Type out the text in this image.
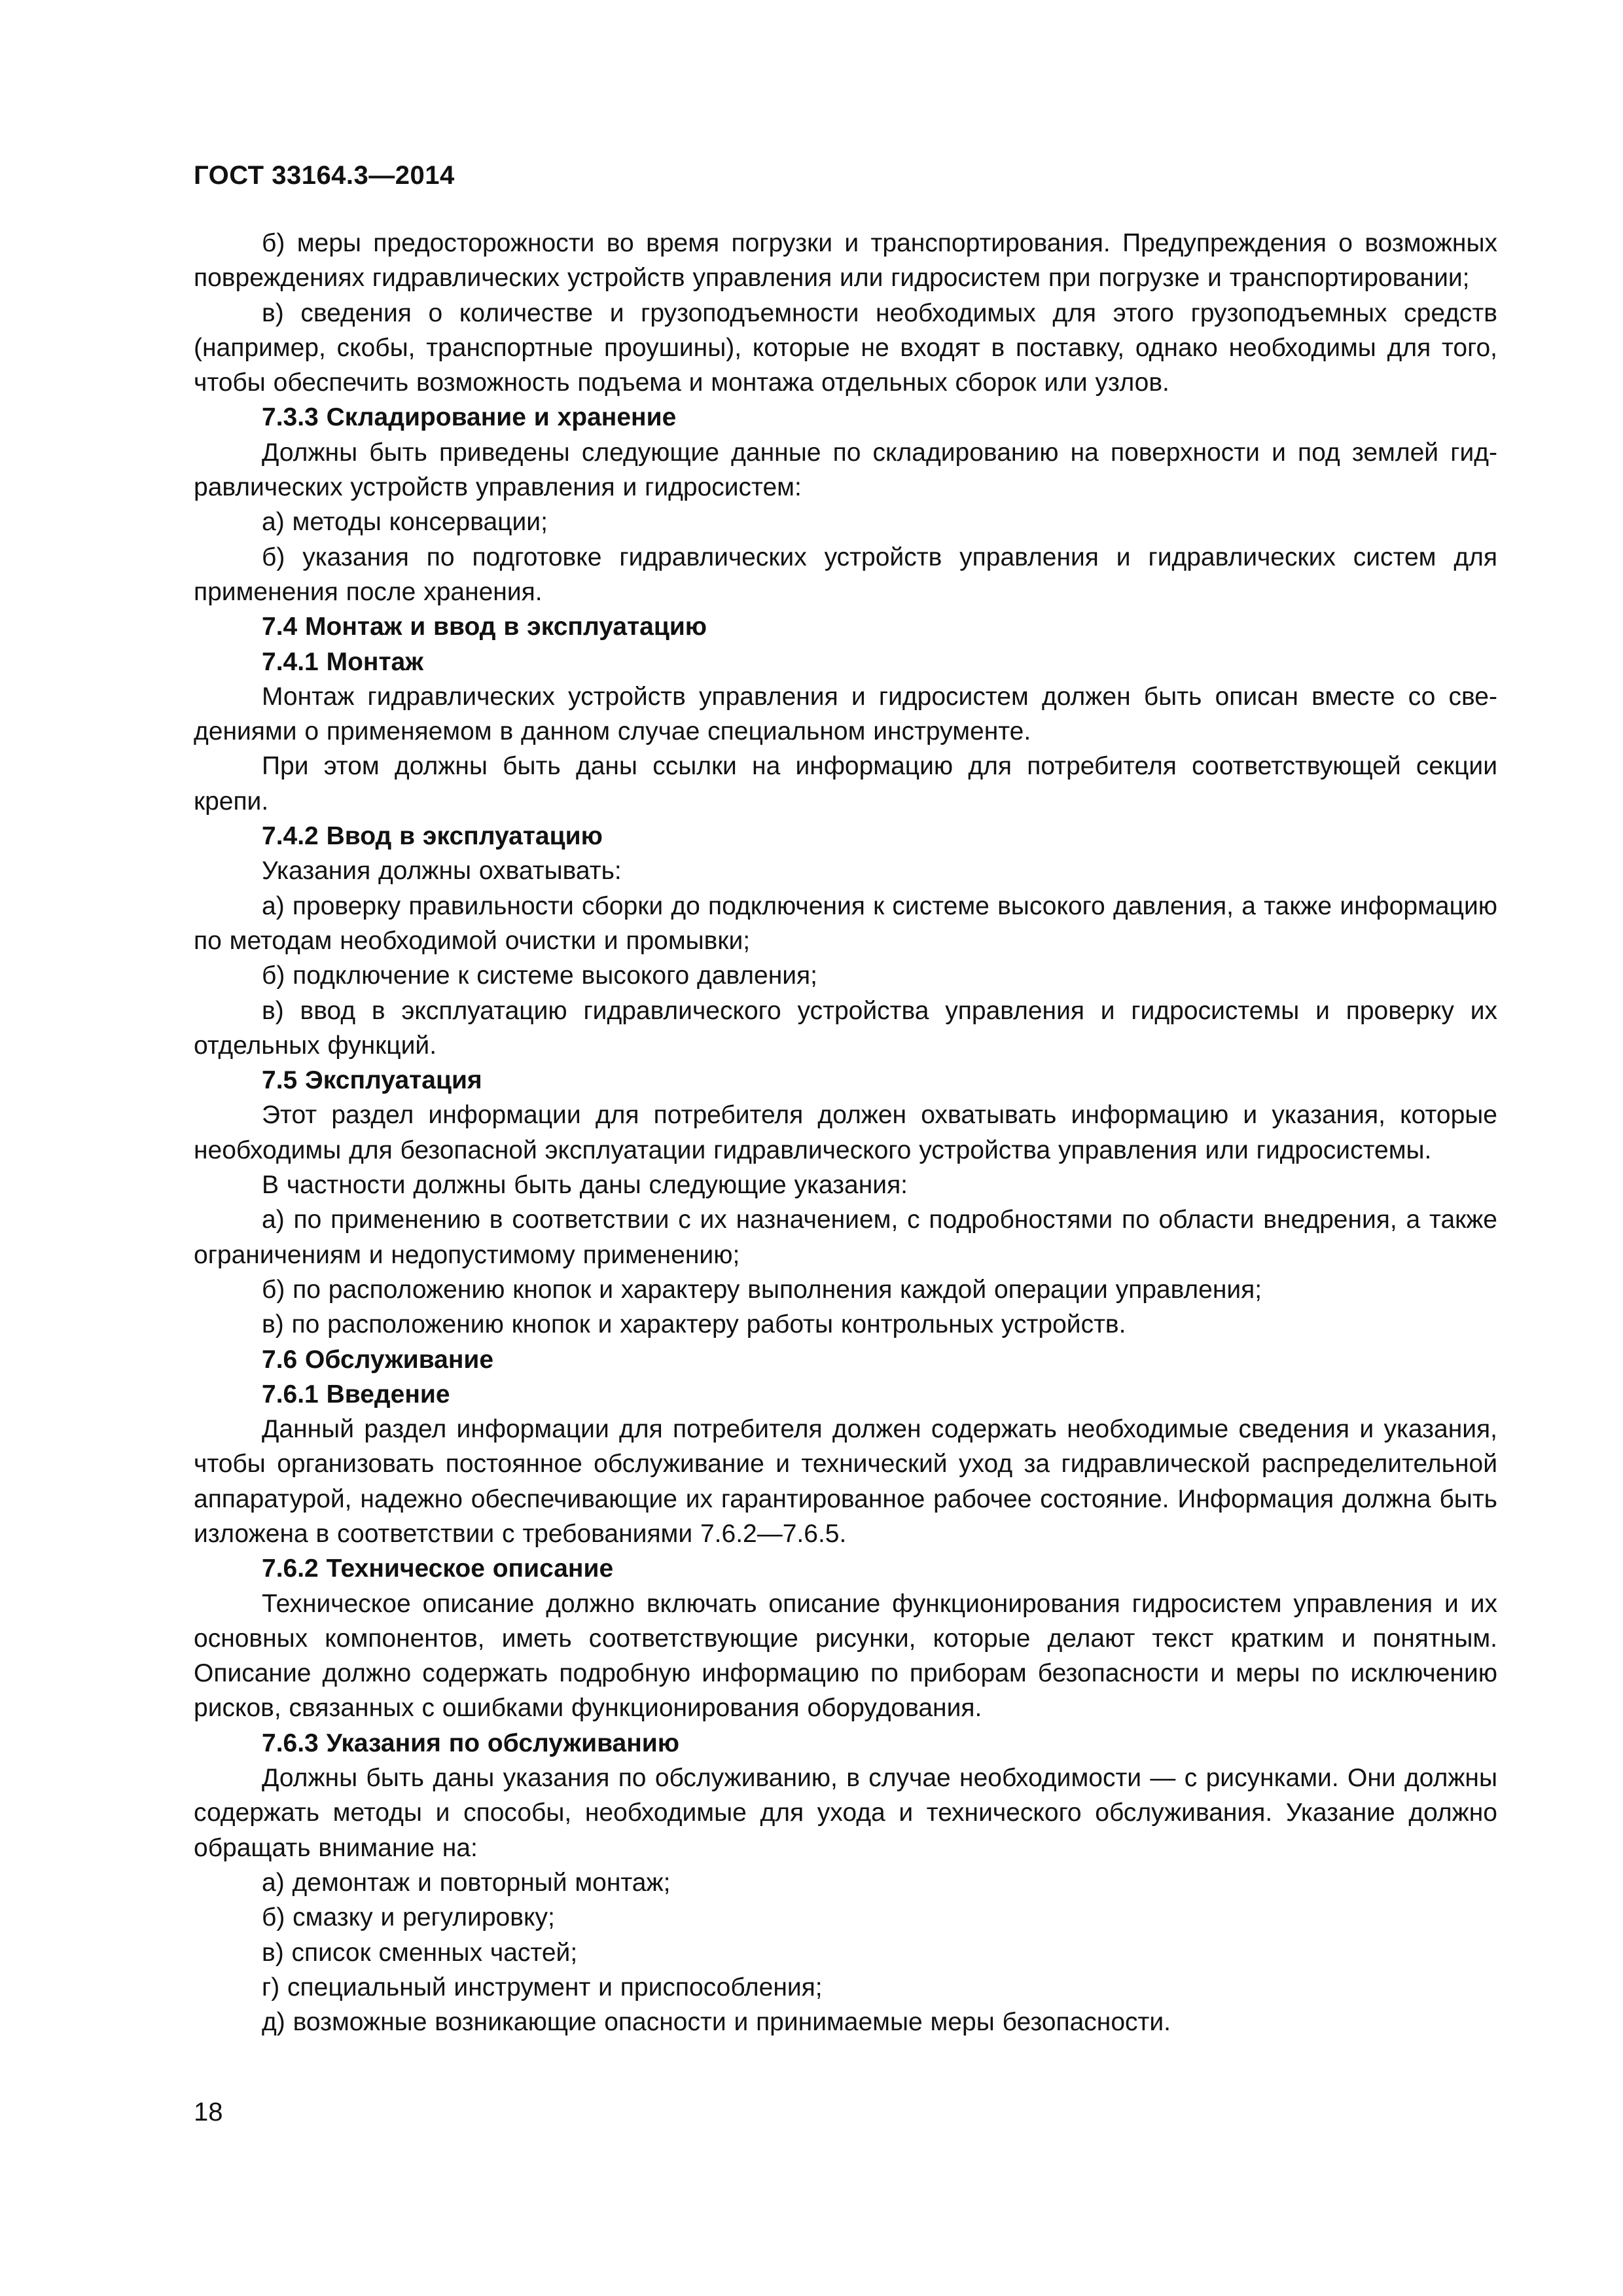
ГОСТ 33164.3—2014

б) меры предосторожности во время погрузки и транспортирования. Предупреждения о возможных повреждениях гидравлических устройств управления или гидросистем при погрузке и транспортировании;

в) сведения о количестве и грузоподъемности необходимых для этого грузоподъемных средств (например, скобы, транспортные проушины), которые не входят в поставку, однако необходимы для того, чтобы обеспечить возможность подъема и монтажа отдельных сборок или узлов.

7.3.3 Складирование и хранение

Должны быть приведены следующие данные по складированию на поверхности и под землей гидравлических устройств управления и гидросистем:

а) методы консервации;

б) указания по подготовке гидравлических устройств управления и гидравлических систем для применения после хранения.

7.4 Монтаж и ввод в эксплуатацию
7.4.1 Монтаж

Монтаж гидравлических устройств управления и гидросистем должен быть описан вместе со сведениями о применяемом в данном случае специальном инструменте.

При этом должны быть даны ссылки на информацию для потребителя соответствующей секции крепи.

7.4.2 Ввод в эксплуатацию

Указания должны охватывать:

а) проверку правильности сборки до подключения к системе высокого давления, а также информацию по методам необходимой очистки и промывки;

б) подключение к системе высокого давления;

в) ввод в эксплуатацию гидравлического устройства управления и гидросистемы и проверку их отдельных функций.

7.5 Эксплуатация

Этот раздел информации для потребителя должен охватывать информацию и указания, которые необходимы для безопасной эксплуатации гидравлического устройства управления или гидросистемы.

В частности должны быть даны следующие указания:

а) по применению в соответствии с их назначением, с подробностями по области внедрения, а также ограничениям и недопустимому применению;

б) по расположению кнопок и характеру выполнения каждой операции управления;

в) по расположению кнопок и характеру работы контрольных устройств.

7.6 Обслуживание
7.6.1 Введение

Данный раздел информации для потребителя должен содержать необходимые сведения и указания, чтобы организовать постоянное обслуживание и технический уход за гидравлической распределительной аппаратурой, надежно обеспечивающие их гарантированное рабочее состояние. Информация должна быть изложена в соответствии с требованиями 7.6.2—7.6.5.

7.6.2 Техническое описание

Техническое описание должно включать описание функционирования гидросистем управления и их основных компонентов, иметь соответствующие рисунки, которые делают текст кратким и понятным. Описание должно содержать подробную информацию по приборам безопасности и меры по исключению рисков, связанных с ошибками функционирования оборудования.

7.6.3 Указания по обслуживанию

Должны быть даны указания по обслуживанию, в случае необходимости — с рисунками. Они должны содержать методы и способы, необходимые для ухода и технического обслуживания. Указание должно обращать внимание на:

а) демонтаж и повторный монтаж;

б) смазку и регулировку;

в) список сменных частей;

г) специальный инструмент и приспособления;

д) возможные возникающие опасности и принимаемые меры безопасности.

18
